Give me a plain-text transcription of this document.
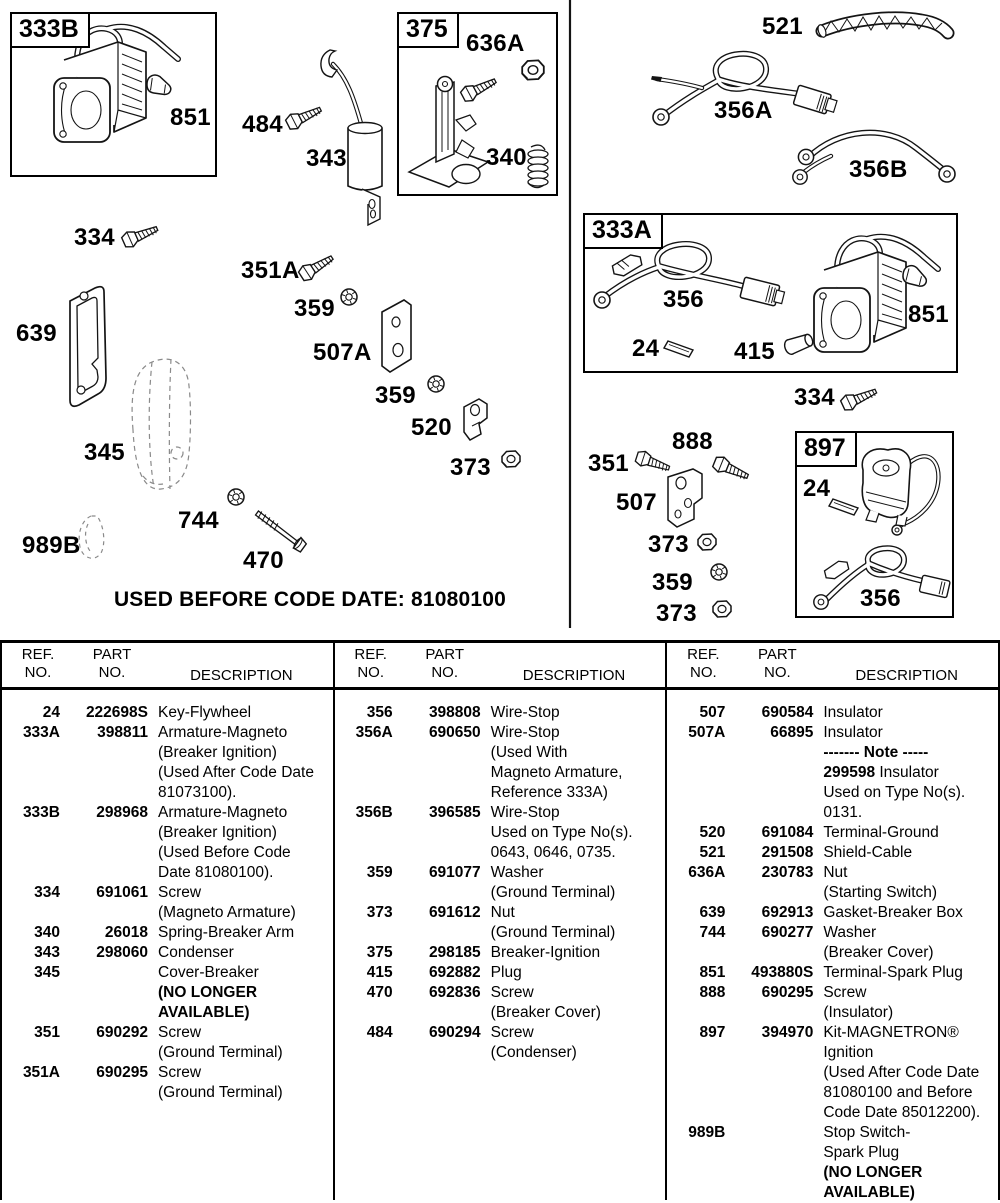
USED BEFORE CODE DATE: 81080100
333B	375
333A
897
851 484
343
636A
340
521
356A
356B
356
24	415
851
334
334
639
351A
359
507A
359
520
373
345
989B
744
470
888
351
507
373
359
373
24
356
REF.
NO.
PART
NO.	DESCRIPTION
24	222698S Key-Flywheel
333A	398811 Armature-Magneto
(Breaker Ignition)
(Used After Code Date
81073100).
333B	298968 Armature-Magneto
(Breaker Ignition)
(Used Before Code
Date 81080100).
334	691061 Screw
(Magneto Armature)
340	26018 Spring-Breaker Arm
343	298060 Condenser
345	Cover-Breaker
(NO LONGER
AVAILABLE)
351	690292 Screw
(Ground Terminal)
351A	690295 Screw
(Ground Terminal)
REF.
NO.
PART
NO.	DESCRIPTION
356	398808 Wire-Stop
356A	690650 Wire-Stop
(Used With
Magneto Armature,
Reference 333A)
356B	396585 Wire-Stop
Used on Type No(s).
0643, 0646, 0735.
359	691077 Washer
(Ground Terminal)
373	691612 Nut
(Ground Terminal)
375	298185 Breaker-Ignition
415	692882 Plug
470	692836 Screw
(Breaker Cover)
484	690294 Screw
(Condenser)
REF.
NO.
PART
NO.	DESCRIPTION
507	690584 Insulator
507A	66895 Insulator
------- Note -----
299598 Insulator
Used on Type No(s).
0131.
520	691084 Terminal-Ground
521	291508 Shield-Cable
636A	230783 Nut
(Starting Switch)
639	692913 Gasket-Breaker Box
744	690277 Washer
(Breaker Cover)
851	493880S Terminal-Spark Plug
888	690295 Screw
(Insulator)
897	394970 Kit-MAGNETRON®
Ignition
(Used After Code Date
81080100 and Before
Code Date 85012200).
989B	Stop Switch-
Spark Plug
(NO LONGER
AVAILABLE)
